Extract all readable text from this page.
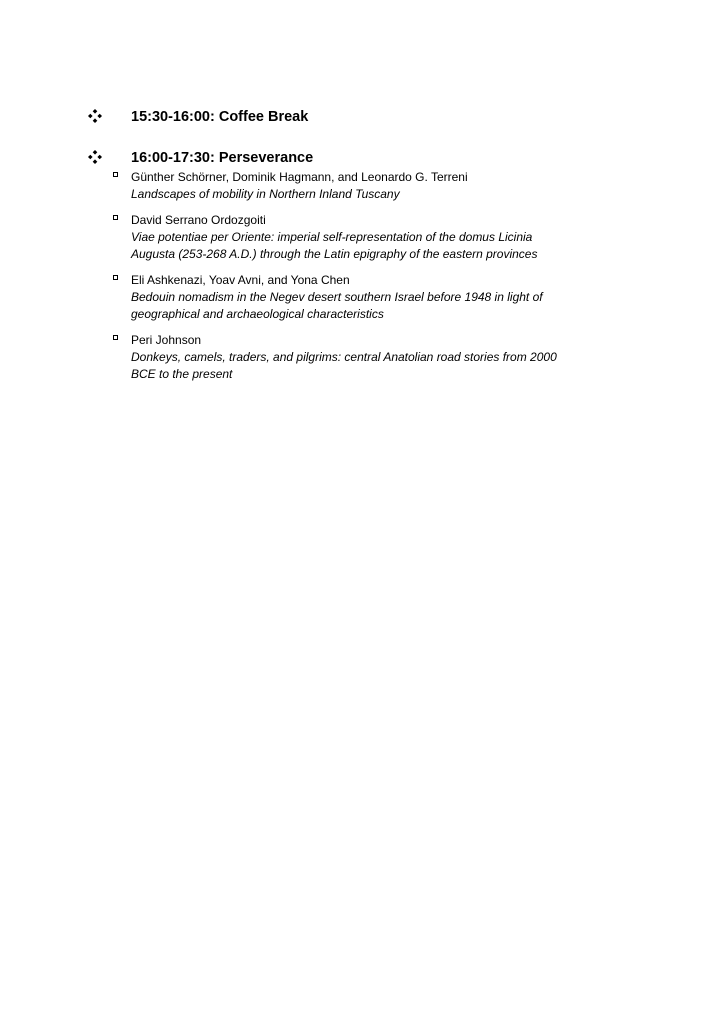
15:30-16:00: Coffee Break
16:00-17:30: Perseverance
Günther Schörner, Dominik Hagmann, and Leonardo G. Terreni
Landscapes of mobility in Northern Inland Tuscany
David Serrano Ordozgoiti
Viae potentiae per Oriente: imperial self-representation of the domus Licinia Augusta (253-268 A.D.) through the Latin epigraphy of the eastern provinces
Eli Ashkenazi, Yoav Avni, and Yona Chen
Bedouin nomadism in the Negev desert southern Israel before 1948 in light of geographical and archaeological characteristics
Peri Johnson
Donkeys, camels, traders, and pilgrims: central Anatolian road stories from 2000 BCE to the present
